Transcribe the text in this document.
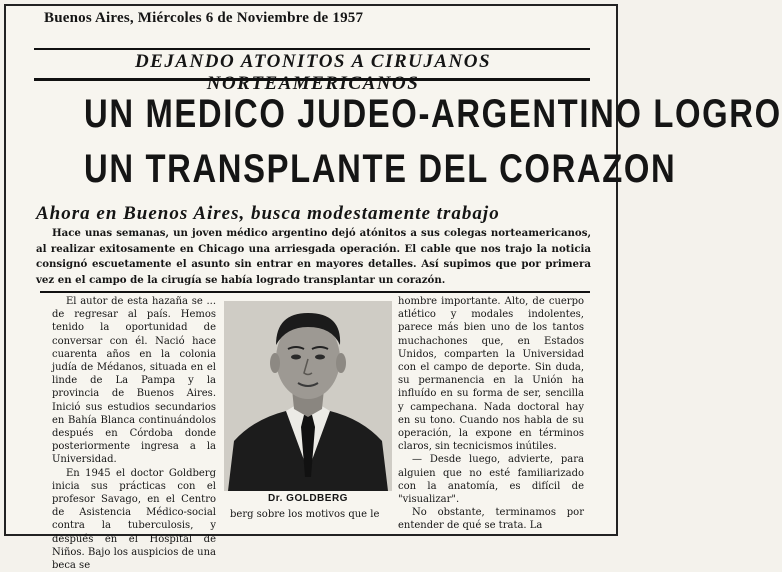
Buenos Aires, Miércoles 6 de Noviembre de 1957
DEJANDO ATONITOS A CIRUJANOS NORTEAMERICANOS
UN MEDICO JUDEO-ARGENTINO LOGRO
UN TRANSPLANTE DEL CORAZON
Ahora en Buenos Aires, busca modestamente trabajo
Hace unas semanas, un joven médico argentino dejó atónitos a sus colegas norteamericanos, al realizar exitosamente en Chicago una arriesgada operación. El cable que nos trajo la noticia consignó escuetamente el asunto sin entrar en mayores detalles. Así supimos que por primera vez en el campo de la cirugía se había logrado transplantar un corazón.

El autor de esta hazaña se ... de regresar al país. Hemos tenido la oportunidad de conversar con él. Nació hace cuarenta años en la colonia judía de Médanos, situada en el linde de La Pampa y la provincia de Buenos Aires. Inició sus estudios secundarios en Bahía Blanca continuándolos después en Córdoba donde posteriormente ingresa a la Universidad.

En 1945 el doctor Goldberg inicia sus prácticas con el profesor Savago, en el Centro de Asistencia Médico-social contra la tuberculosis, y después en el Hospital de Niños. Bajo los auspicios de una beca se

Dr. GOLDBERG

berg sobre los motivos que le

hombre importante. Alto, de cuerpo atlético y modales indolentes, parece más bien uno de los tantos muchachones que, en Estados Unidos, comparten la Universidad con el campo de deporte. Sin duda, su permanencia en la Unión ha influído en su forma de ser, sencilla y campechana. Nada doctoral hay en su tono. Cuando nos habla de su operación, la expone en términos claros, sin tecnicismos inútiles.

— Desde luego, advierte, para alguien que no esté familiarizado con la anatomía, es difícil de "visualizar".

No obstante, terminamos por entender de qué se trata. La
